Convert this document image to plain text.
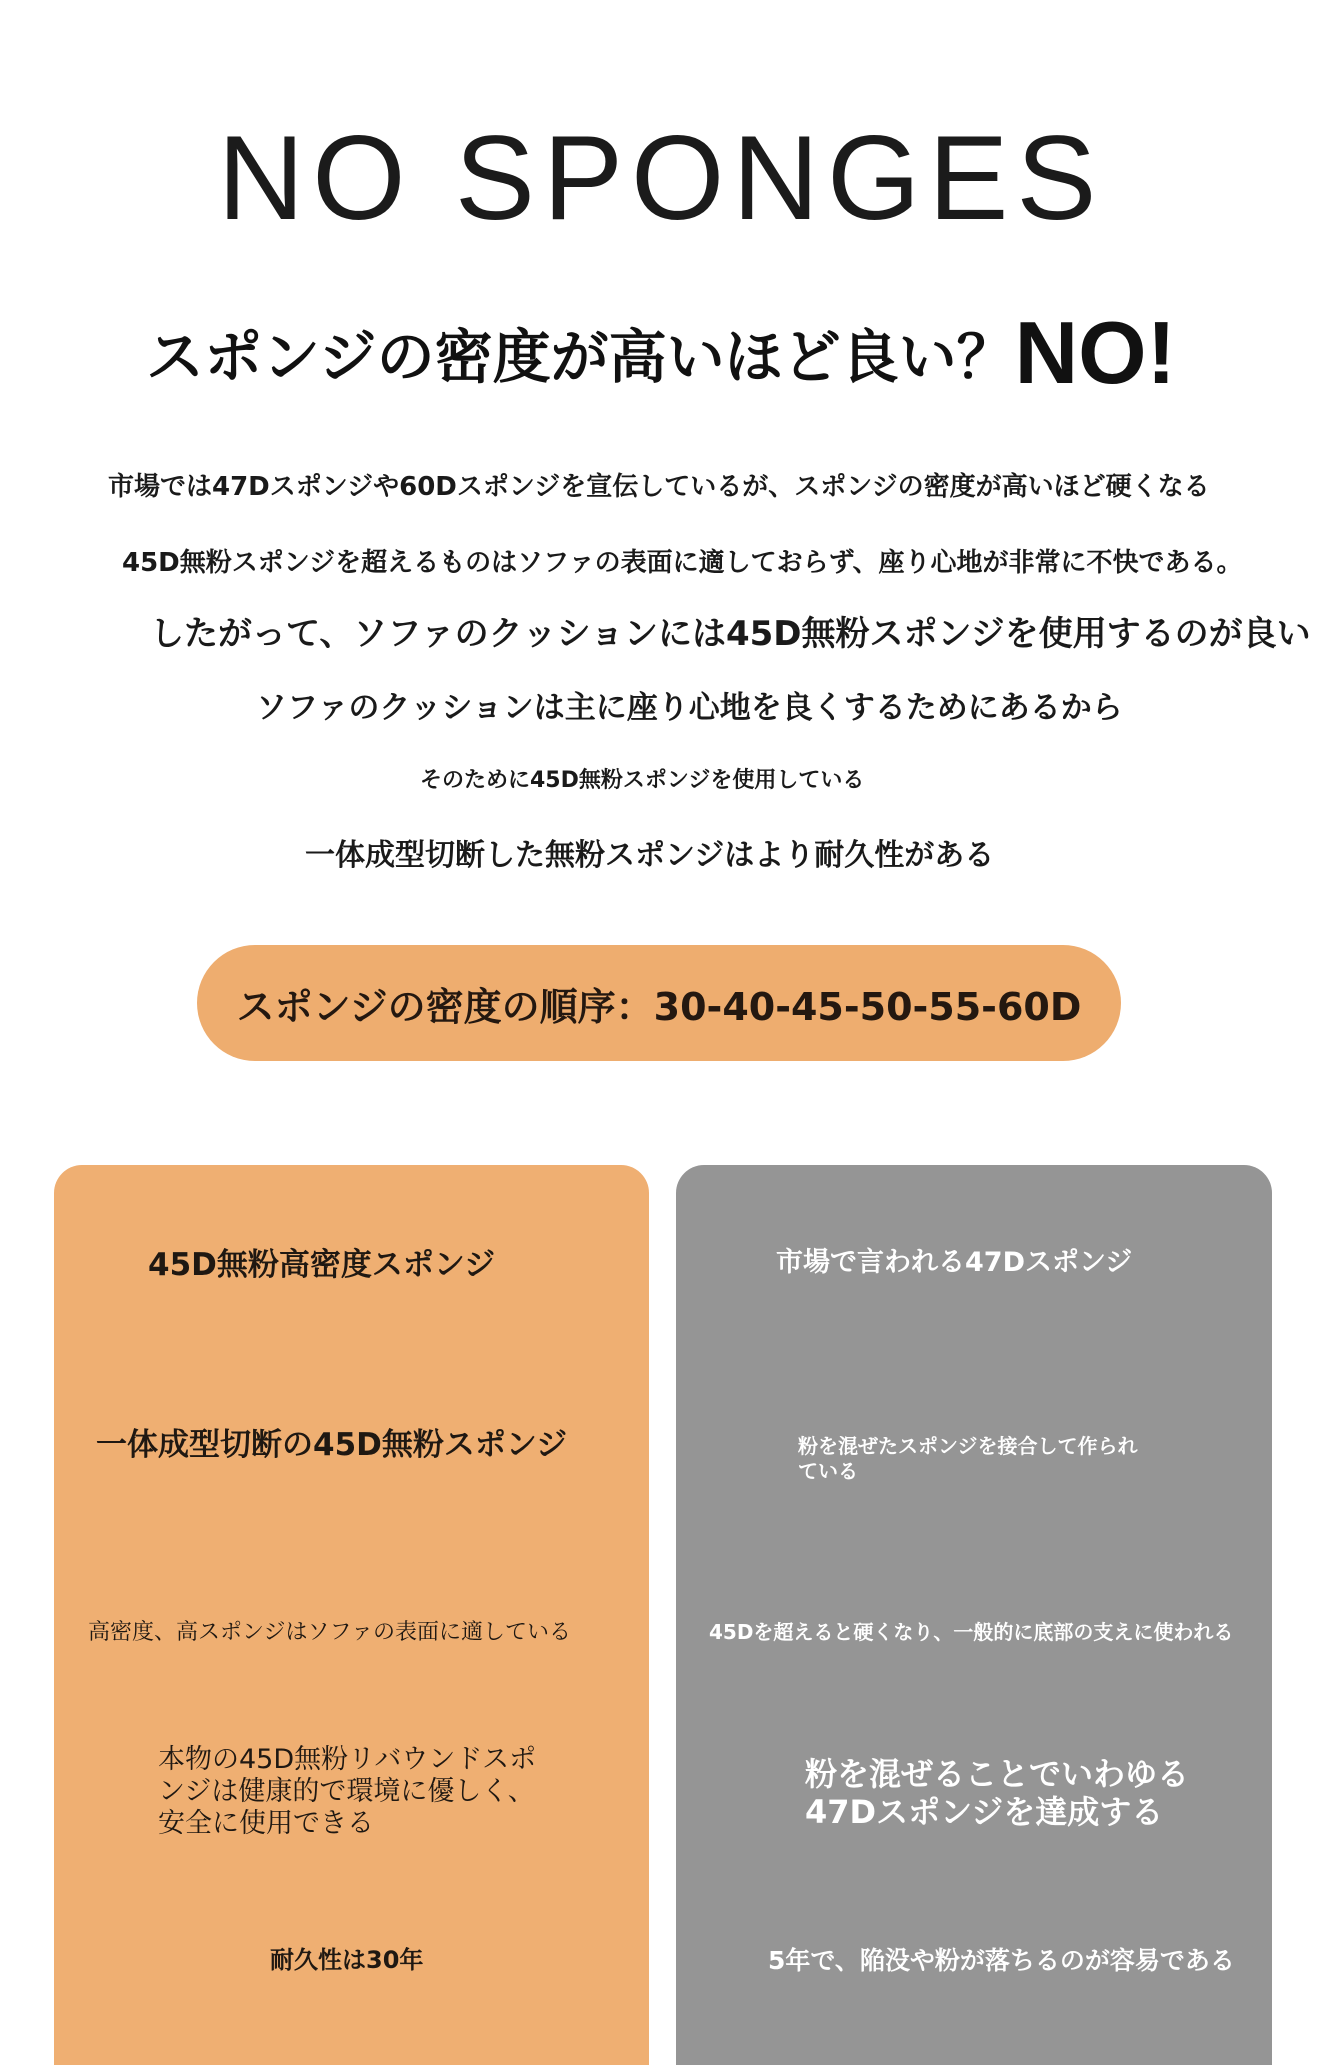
NO SPONGES
スポンジの密度が高いほど良い？NO!
市場では47Dスポンジや60Dスポンジを宣伝しているが、スポンジの密度が高いほど硬くなる
45D無粉スポンジを超えるものはソファの表面に適しておらず、座り心地が非常に不快である。
したがって、ソファのクッションには45D無粉スポンジを使用するのが良い
ソファのクッションは主に座り心地を良くするためにあるから
そのために45D無粉スポンジを使用している
一体成型切断した無粉スポンジはより耐久性がある
スポンジの密度の順序：30-40-45-50-55-60D
45D無粉高密度スポンジ
一体成型切断の45D無粉スポンジ
高密度、高スポンジはソファの表面に適している
本物の45D無粉リバウンドスポンジは健康的で環境に優しく、安全に使用できる
耐久性は30年
市場で言われる47Dスポンジ
粉を混ぜたスポンジを接合して作られている
45Dを超えると硬くなり、一般的に底部の支えに使われる
粉を混ぜることでいわゆる47Dスポンジを達成する
5年で、陥没や粉が落ちるのが容易である
